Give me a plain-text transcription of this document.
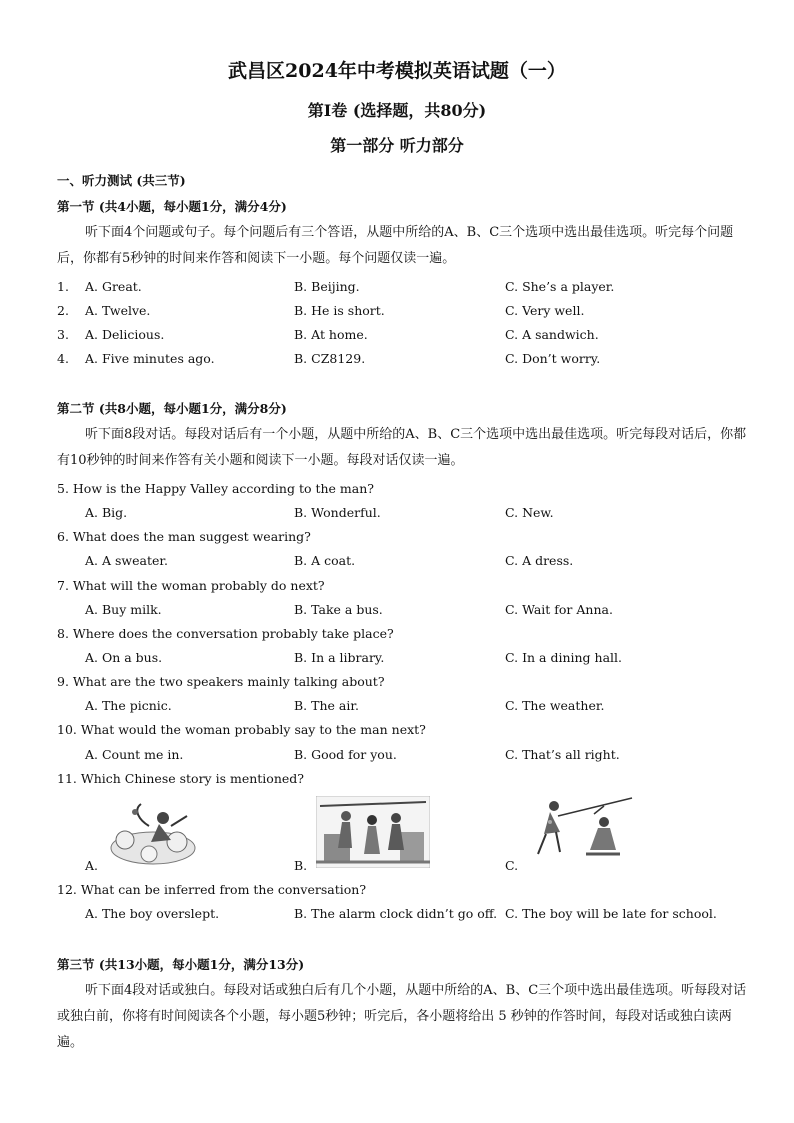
武昌区2024年中考模拟英语试题（一）
第Ⅰ卷 (选择题，共80分)
第一部分 听力部分
一、听力测试 (共三节)
第一节 (共4小题，每小题1分，满分4分)
听下面4个问题或句子。每个问题后有三个答语，从题中所给的A、B、C三个选项中选出最佳选项。听完每个问题后，你都有5秒钟的时间来作答和阅读下一小题。每个问题仅读一遍。
1. A. Great.	B. Beijing.	C. She’s a player.
2. A. Twelve.	B. He is short.	C. Very well.
3. A. Delicious.	B. At home.	C. A sandwich.
4. A. Five minutes ago.	B. CZ8129.	C. Don’t worry.
第二节 (共8小题，每小题1分，满分8分)
听下面8段对话。每段对话后有一个小题，从题中所给的A、B、C三个选项中选出最佳选项。听完每段对话后，你都有10秒钟的时间来作答有关小题和阅读下一小题。每段对话仅读一遍。
5. How is the Happy Valley according to the man?
A. Big.	B. Wonderful.	C. New.
6. What does the man suggest wearing?
A. A sweater.	B. A coat.	C. A dress.
7. What will the woman probably do next?
A. Buy milk.	B. Take a bus.	C. Wait for Anna.
8. Where does the conversation probably take place?
A. On a bus.	B. In a library.	C. In a dining hall.
9. What are the two speakers mainly talking about?
A. The picnic.	B. The air.	C. The weather.
10. What would the woman probably say to the man next?
A. Count me in.	B. Good for you.	C. That’s all right.
11. Which Chinese story is mentioned?
A.	B.	C.
12. What can be inferred from the conversation?
A. The boy overslept.	B. The alarm clock didn’t go off. C. The boy will be late for school.
第三节 (共13小题，每小题1分，满分13分)
听下面4段对话或独白。每段对话或独白后有几个小题，从题中所给的A、B、C三个项中选出最佳选项。听每段对话或独白前，你将有时间阅读各个小题，每小题5秒钟；听完后，各小题将给出 5 秒钟的作答时间，每段对话或独白读两遍。
